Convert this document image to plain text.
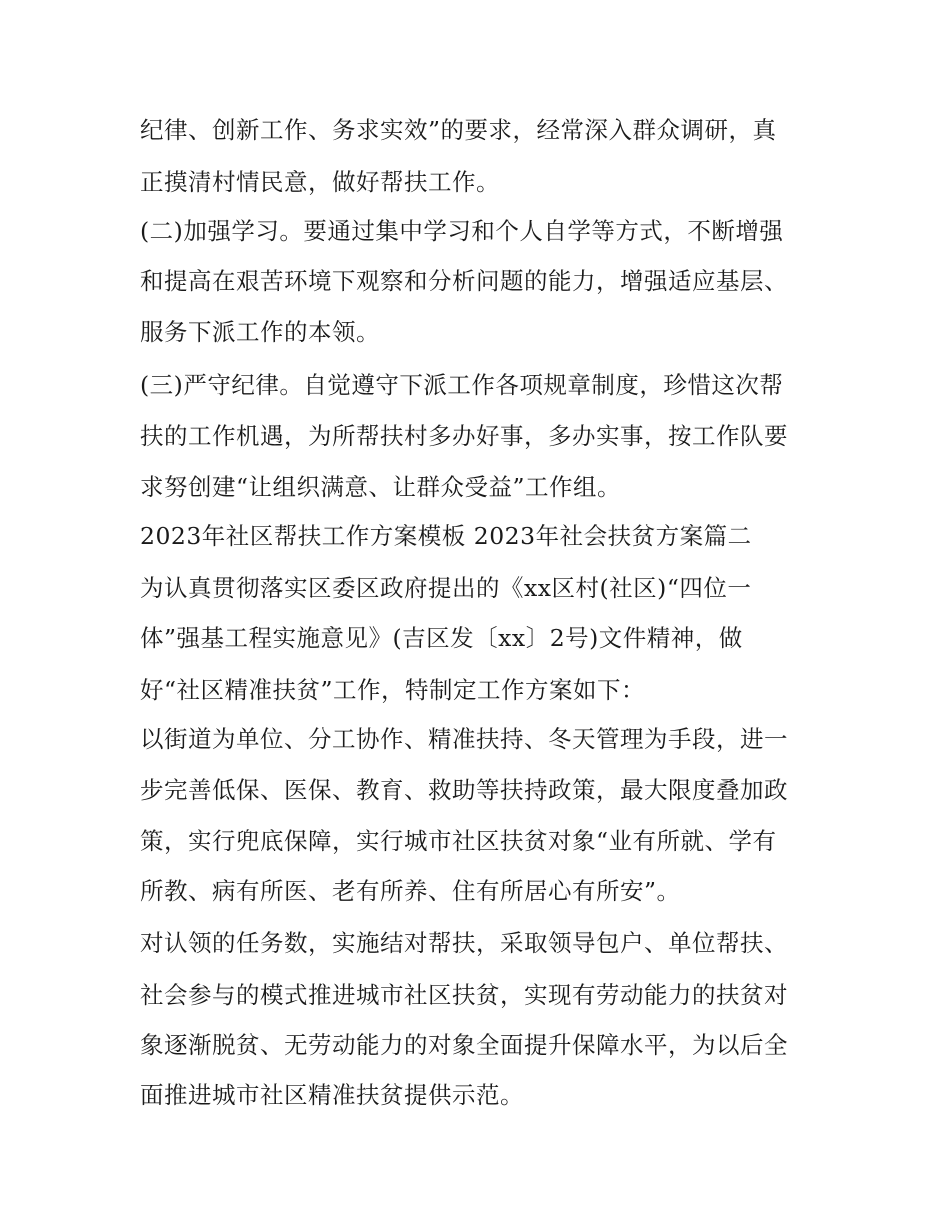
纪律、创新工作、务求实效”的要求，经常深入群众调研，真
正摸清村情民意，做好帮扶工作。
(二)加强学习。要通过集中学习和个人自学等方式，不断增强
和提高在艰苦环境下观察和分析问题的能力，增强适应基层、
服务下派工作的本领。
(三)严守纪律。自觉遵守下派工作各项规章制度，珍惜这次帮
扶的工作机遇，为所帮扶村多办好事，多办实事，按工作队要
求努创建“让组织满意、让群众受益”工作组。
2023年社区帮扶工作方案模板 2023年社会扶贫方案篇二
为认真贯彻落实区委区政府提出的《xx区村(社区)“四位一
体”强基工程实施意见》(吉区发〔xx〕2号)文件精神，做
好“社区精准扶贫”工作，特制定工作方案如下：
以街道为单位、分工协作、精准扶持、冬天管理为手段，进一
步完善低保、医保、教育、救助等扶持政策，最大限度叠加政
策，实行兜底保障，实行城市社区扶贫对象“业有所就、学有
所教、病有所医、老有所养、住有所居心有所安”。
对认领的任务数，实施结对帮扶，采取领导包户、单位帮扶、
社会参与的模式推进城市社区扶贫，实现有劳动能力的扶贫对
象逐渐脱贫、无劳动能力的对象全面提升保障水平，为以后全
面推进城市社区精准扶贫提供示范。
